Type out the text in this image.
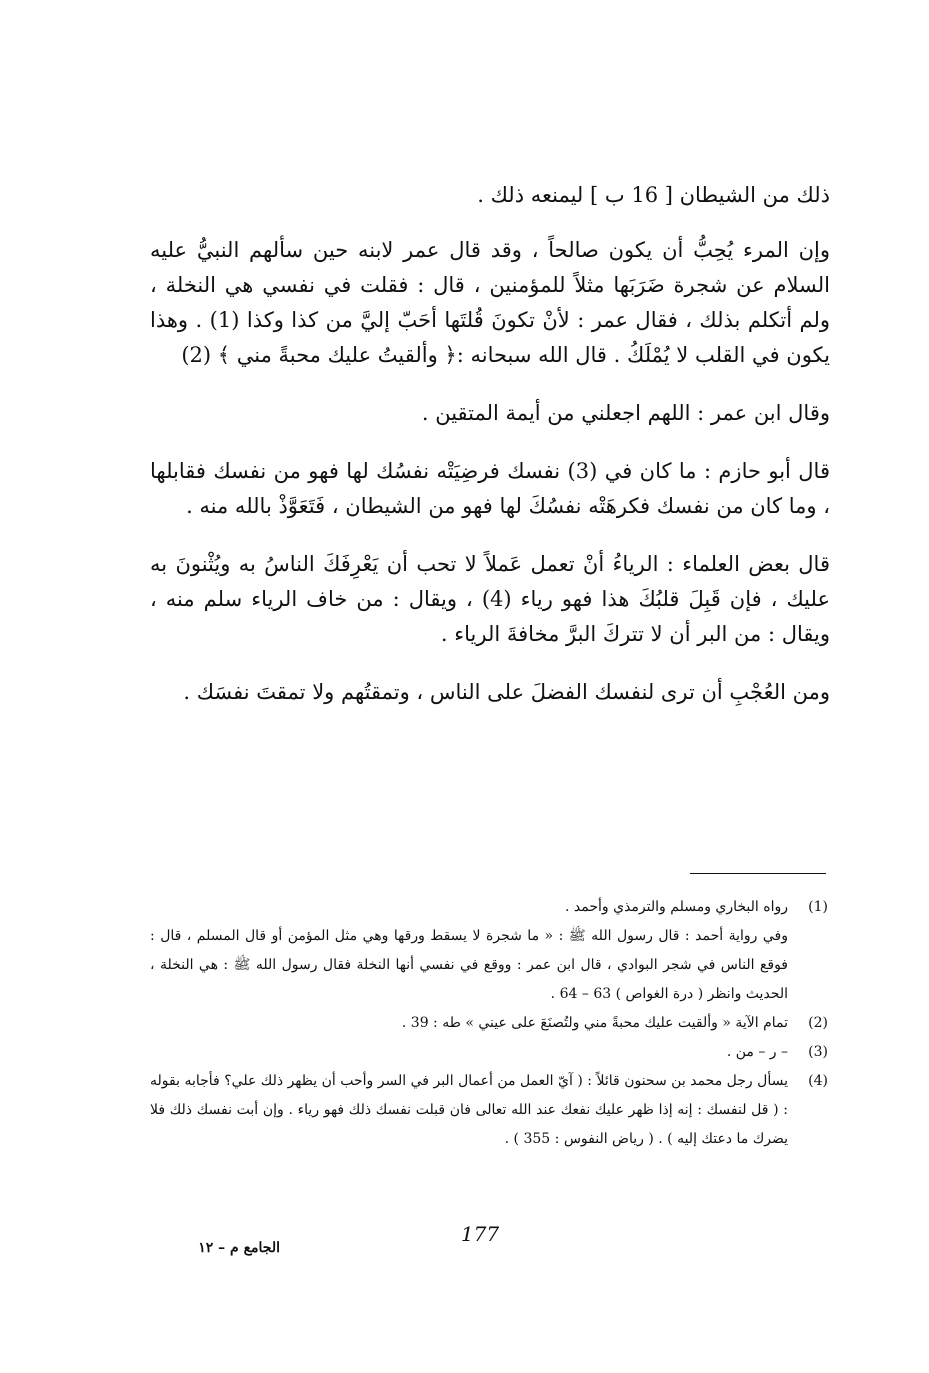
ذلك من الشيطان [ 16 ب ] ليمنعه ذلك .

وإن المرء يُحِبُّ أن يكون صالحاً ، وقد قال عمر لابنه حين سألهم النبيُّ عليه السلام عن شجرة ضَرَبَها مثلاً للمؤمنين ، قال : فقلت في نفسي هي النخلة ، ولم أتكلم بذلك ، فقال عمر : لأنْ تكونَ قُلتَها أحَبّ إليَّ من كذا وكذا (1) . وهذا يكون في القلب لا يُمْلَكُ . قال الله سبحانه :﴿ وألقيتُ عليك محبةً مني ﴾ (2)

وقال ابن عمر : اللهم اجعلني من أيمة المتقين .

قال أبو حازم : ما كان في (3) نفسك فرضِيَتْه نفسُك لها فهو من نفسك فقابلها ، وما كان من نفسك فكرهَتْه نفسُكَ لها فهو من الشيطان ، فَتَعَوَّذْ بالله منه .

قال بعض العلماء : الرياءُ أنْ تعمل عَملاً لا تحب أن يَعْرِفَكَ الناسُ به ويُثْنونَ به عليك ، فإن قَبِلَ قلبُكَ هذا فهو رياء (4) ، ويقال : من خاف الرياء سلم منه ، ويقال : من البر أن لا تتركَ البرَّ مخافةَ الرياء .

ومن العُجْبِ أن ترى لنفسك الفضلَ على الناس ، وتمقتُهم ولا تمقتَ نفسَك .

(1)
رواه البخاري ومسلم والترمذي وأحمد .
وفي رواية أحمد : قال رسول الله ﷺ : « ما شجرة لا يسقط ورقها وهي مثل المؤمن أو قال المسلم ، قال : فوقع الناس في شجر البوادي ، قال ابن عمر : ووقع في نفسي أنها النخلة فقال رسول الله ﷺ : هي النخلة ، الحديث وانظر ( درة الغواص ) 63 – 64 .
(2)
تمام الآية « وألقيت عليك محبةً مني ولتُصنَعَ على عيني » طه : 39 .
(3)
– ر – من .
(4)
يسأل رجل محمد بن سحنون قائلاً : ( آيّ العمل من أعمال البر في السر وأحب أن يظهر ذلك علي؟ فأجابه بقوله : ( قل لنفسك : إنه إذا ظهر عليك نفعك عند الله تعالى فان قبلت نفسك ذلك فهو رياء . وإن أبت نفسك ذلك فلا يضرك ما دعتك إليه ) . ( رياض النفوس : 355 ) .
177
الجامع م – ١٢
